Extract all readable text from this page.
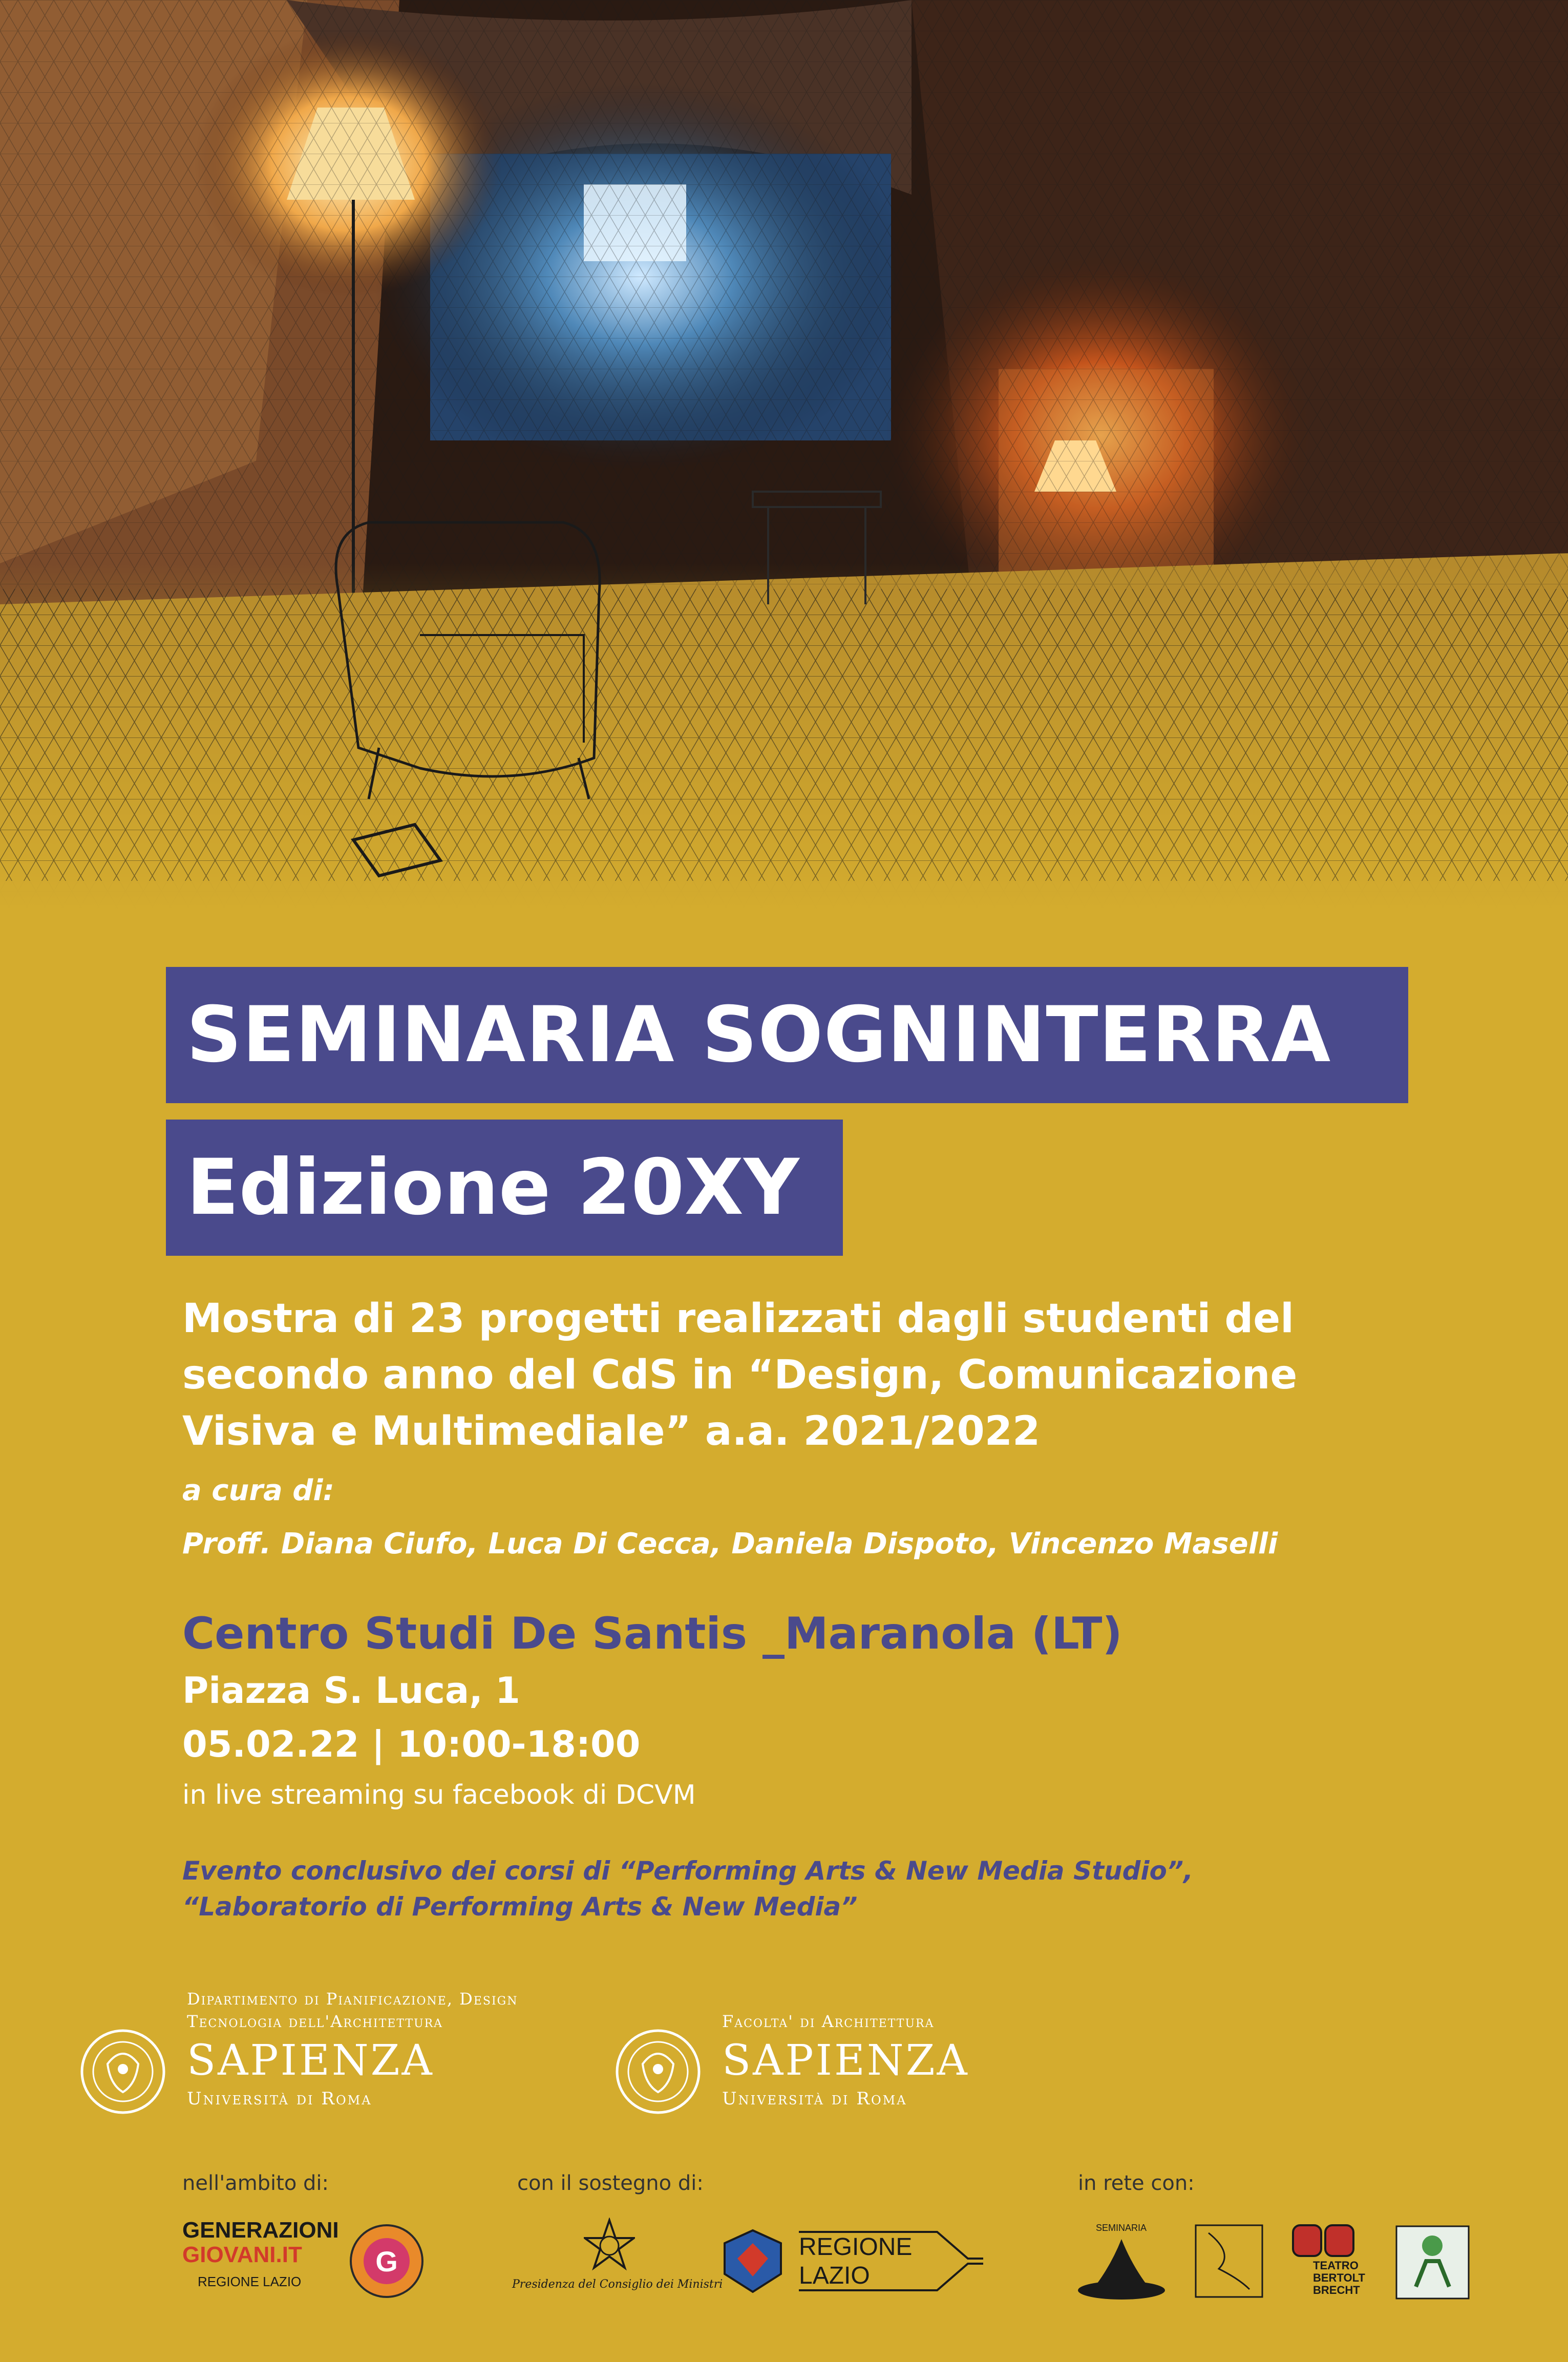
SEMINARIA SOGNINTERRA
Edizione 20XY
Mostra di 23 progetti realizzati dagli studenti del
secondo anno del CdS in “Design, Comunicazione
Visiva e Multimediale” a.a. 2021/2022
a cura di:
Proff. Diana Ciufo, Luca Di Cecca, Daniela Dispoto, Vincenzo Maselli
Centro Studi De Santis _Maranola (LT)
Piazza S. Luca, 1
05.02.22 | 10:00-18:00
in live streaming su facebook di DCVM
Evento conclusivo dei corsi di “Performing Arts & New Media Studio”,
“Laboratorio di Performing Arts & New Media”
Dipartimento di Pianificazione, Design
Tecnologia dell'Architettura
SAPIENZA
Università di Roma
Facolta' di Architettura
SAPIENZA
Università di Roma
nell'ambito di:	con il sostegno di:	in rete con:
GENERAZIONI
GIOVANI.IT
REGIONE LAZIO
G
Presidenza del Consiglio dei Ministri
REGIONE
LAZIO
SEMINARIA
TEATRO
BERTOLT
BRECHT
